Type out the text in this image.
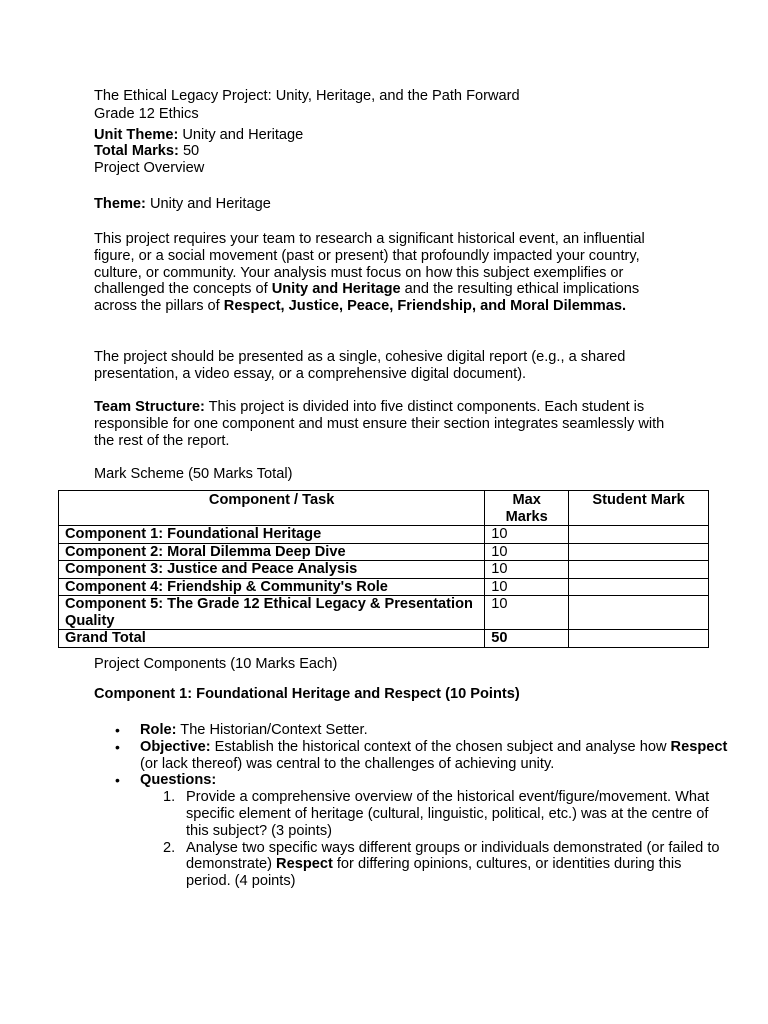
The Ethical Legacy Project: Unity, Heritage, and the Path Forward
Grade 12 Ethics
Unit Theme: Unity and Heritage
Total Marks: 50
Project Overview
Theme: Unity and Heritage
This project requires your team to research a significant historical event, an influential figure, or a social movement (past or present) that profoundly impacted your country, culture, or community. Your analysis must focus on how this subject exemplifies or challenged the concepts of Unity and Heritage and the resulting ethical implications across the pillars of Respect, Justice, Peace, Friendship, and Moral Dilemmas.
The project should be presented as a single, cohesive digital report (e.g., a shared presentation, a video essay, or a comprehensive digital document).
Team Structure: This project is divided into five distinct components. Each student is responsible for one component and must ensure their section integrates seamlessly with the rest of the report.
Mark Scheme (50 Marks Total)
Component / Task	Max Marks	Student Mark
Component 1: Foundational Heritage	10	
Component 2: Moral Dilemma Deep Dive	10	
Component 3: Justice and Peace Analysis	10	
Component 4: Friendship & Community's Role	10	
Component 5: The Grade 12 Ethical Legacy & Presentation Quality	10	
Grand Total	50	
Project Components (10 Marks Each)
Component 1: Foundational Heritage and Respect (10 Points)
• Role: The Historian/Context Setter.
• Objective: Establish the historical context of the chosen subject and analyse how Respect (or lack thereof) was central to the challenges of achieving unity.
• Questions:
1. Provide a comprehensive overview of the historical event/figure/movement. What specific element of heritage (cultural, linguistic, political, etc.) was at the centre of this subject? (3 points)
2. Analyse two specific ways different groups or individuals demonstrated (or failed to demonstrate) Respect for differing opinions, cultures, or identities during this period. (4 points)
